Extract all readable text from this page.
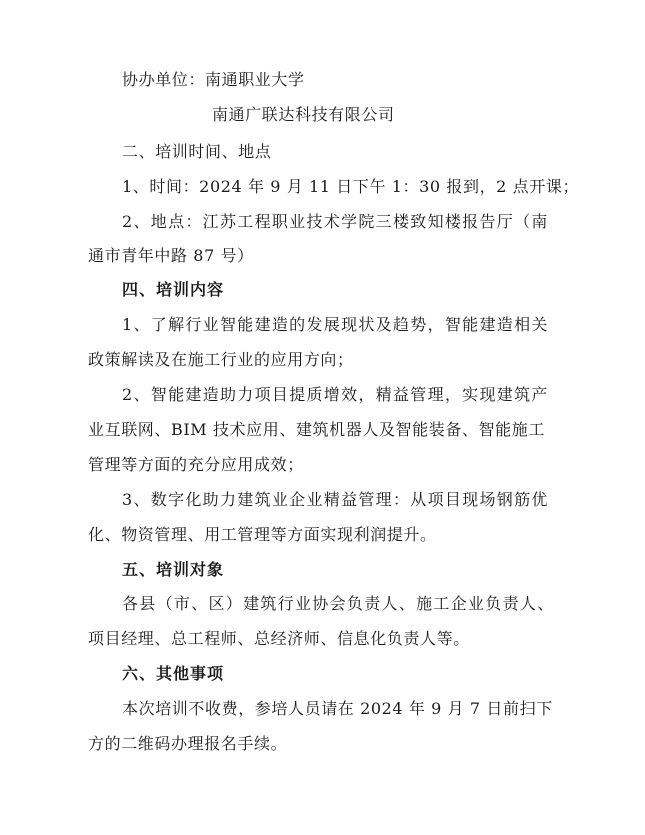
协办单位：南通职业大学
南通广联达科技有限公司
二、培训时间、地点
1、时间：2024 年 9 月 11 日下午 1：30 报到，2 点开课；
2、地点：江苏工程职业技术学院三楼致知楼报告厅（南
通市青年中路 87 号）
四、培训内容
1、了解行业智能建造的发展现状及趋势，智能建造相关
政策解读及在施工行业的应用方向；
2、智能建造助力项目提质增效，精益管理，实现建筑产
业互联网、BIM 技术应用、建筑机器人及智能装备、智能施工
管理等方面的充分应用成效；
3、数字化助力建筑业企业精益管理：从项目现场钢筋优
化、物资管理、用工管理等方面实现利润提升。
五、培训对象
各县（市、区）建筑行业协会负责人、施工企业负责人、
项目经理、总工程师、总经济师、信息化负责人等。
六、其他事项
本次培训不收费，参培人员请在 2024 年 9 月 7 日前扫下
方的二维码办理报名手续。
